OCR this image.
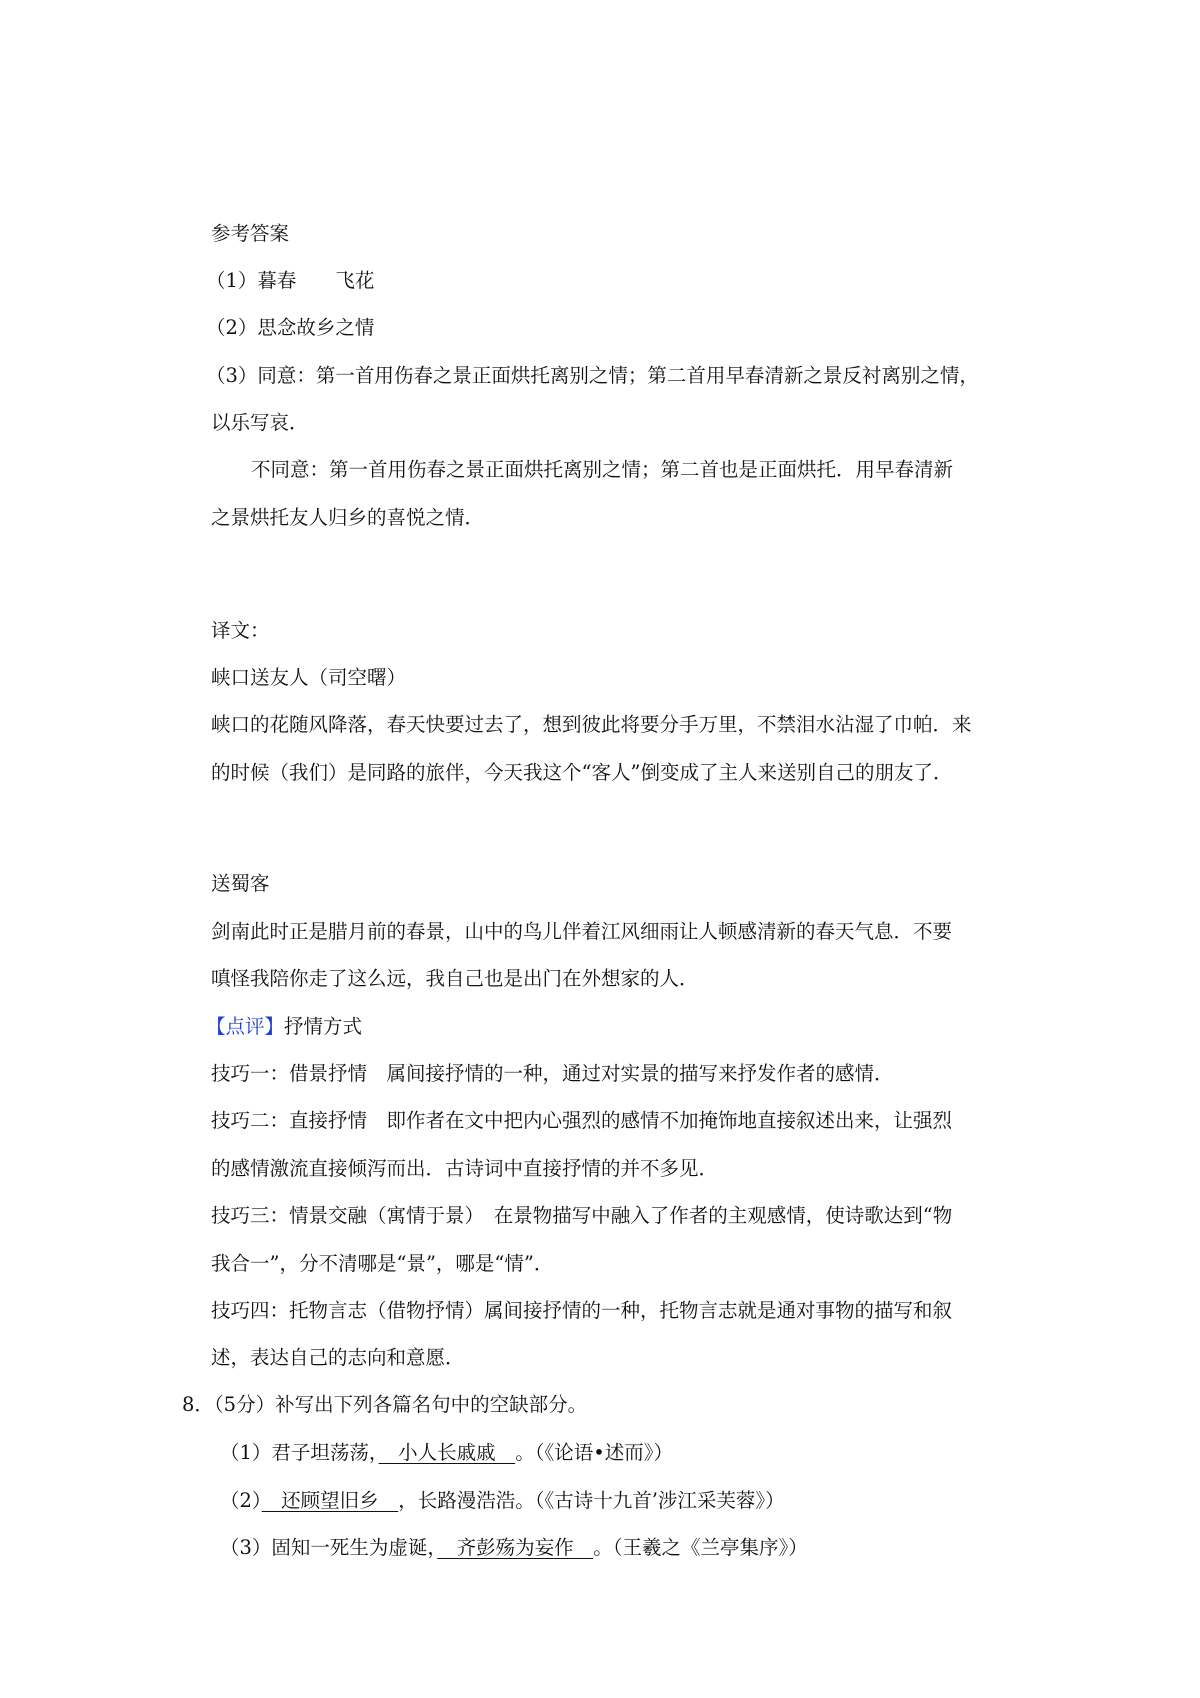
参考答案
（1）暮春　　飞花
（2）思念故乡之情
（3）同意：第一首用伤春之景正面烘托离别之情；第二首用早春清新之景反衬离别之情，
以乐写哀．
不同意：第一首用伤春之景正面烘托离别之情；第二首也是正面烘托．用早春清新
之景烘托友人归乡的喜悦之情．
译文：
峡口送友人（司空曙）
峡口的花随风降落，春天快要过去了，想到彼此将要分手万里，不禁泪水沾湿了巾帕．来
的时候（我们）是同路的旅伴，今天我这个“客人”倒变成了主人来送别自己的朋友了．
送蜀客
剑南此时正是腊月前的春景，山中的鸟儿伴着江风细雨让人顿感清新的春天气息．不要
嗔怪我陪你走了这么远，我自己也是出门在外想家的人．
【点评】抒情方式
技巧一：借景抒情　属间接抒情的一种，通过对实景的描写来抒发作者的感情．
技巧二：直接抒情　即作者在文中把内心强烈的感情不加掩饰地直接叙述出来，让强烈
的感情激流直接倾泻而出．古诗词中直接抒情的并不多见．
技巧三：情景交融（寓情于景）　在景物描写中融入了作者的主观感情，使诗歌达到“物
我合一”，分不清哪是“景”，哪是“情”．
技巧四：托物言志（借物抒情）属间接抒情的一种，托物言志就是通对事物的描写和叙
述，表达自己的志向和意愿．
8．（5分）补写出下列各篇名句中的空缺部分。
（1）君子坦荡荡，　小人长戚戚　。（《论语•述而》）
（2）　还顾望旧乡　，长路漫浩浩。（《古诗十九首’涉江采芙蓉》）
（3）固知一死生为虚诞，　齐彭殇为妄作　。（王羲之《兰亭集序》）
